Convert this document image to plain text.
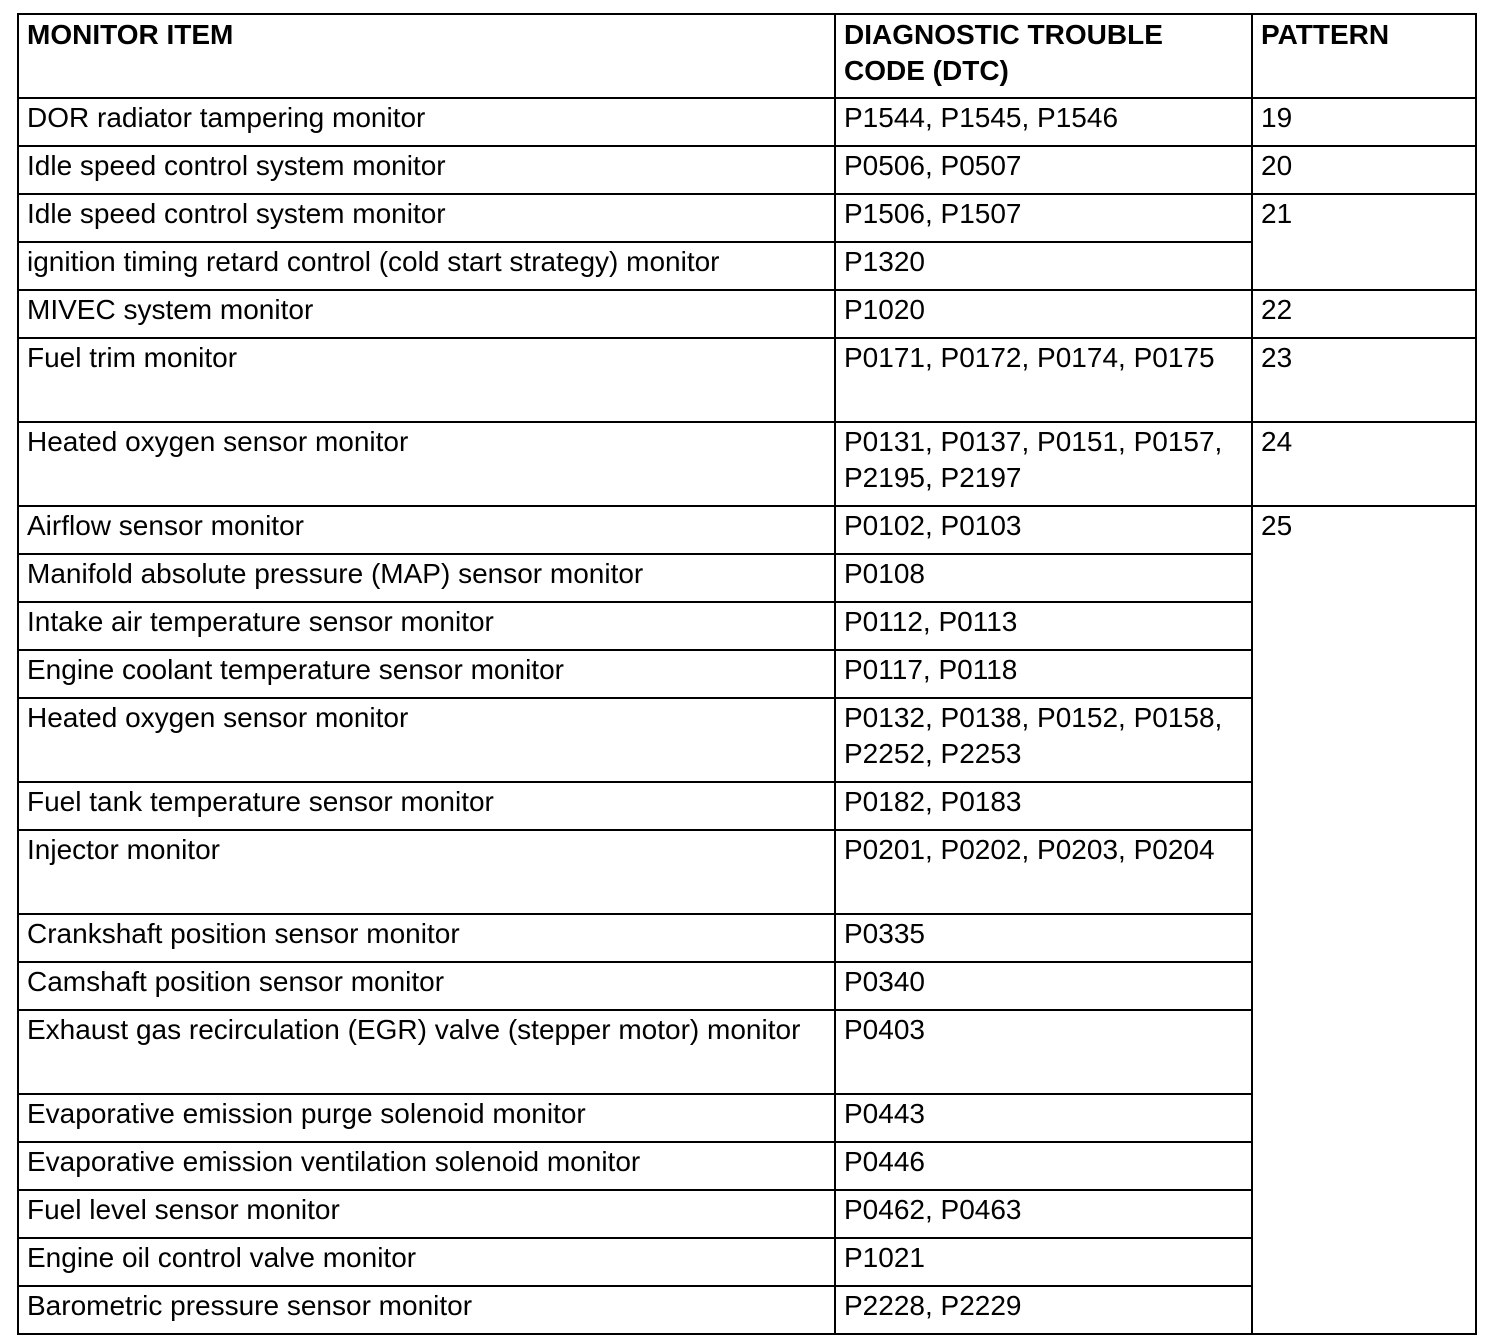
MONITOR ITEM	DIAGNOSTIC TROUBLE CODE (DTC)	PATTERN
DOR radiator tampering monitor	P1544, P1545, P1546	19
Idle speed control system monitor	P0506, P0507	20
Idle speed control system monitor	P1506, P1507	21
ignition timing retard control (cold start strategy) monitor	P1320	
MIVEC system monitor	P1020	22
Fuel trim monitor	P0171, P0172, P0174, P0175	23
Heated oxygen sensor monitor	P0131, P0137, P0151, P0157, P2195, P2197	24
Airflow sensor monitor	P0102, P0103	25
Manifold absolute pressure (MAP) sensor monitor	P0108	
Intake air temperature sensor monitor	P0112, P0113	
Engine coolant temperature sensor monitor	P0117, P0118	
Heated oxygen sensor monitor	P0132, P0138, P0152, P0158, P2252, P2253	

Fuel tank temperature sensor monitor	P0182, P0183	
Injector monitor	P0201, P0202, P0203, P0204	

Crankshaft position sensor monitor	P0335	
Camshaft position sensor monitor	P0340	
Exhaust gas recirculation (EGR) valve (stepper motor) monitor	P0403	
Evaporative emission purge solenoid monitor	P0443	
Evaporative emission ventilation solenoid monitor	P0446	
Fuel level sensor monitor	P0462, P0463	
Engine oil control valve monitor	P1021	
Barometric pressure sensor monitor	P2228, P2229	
